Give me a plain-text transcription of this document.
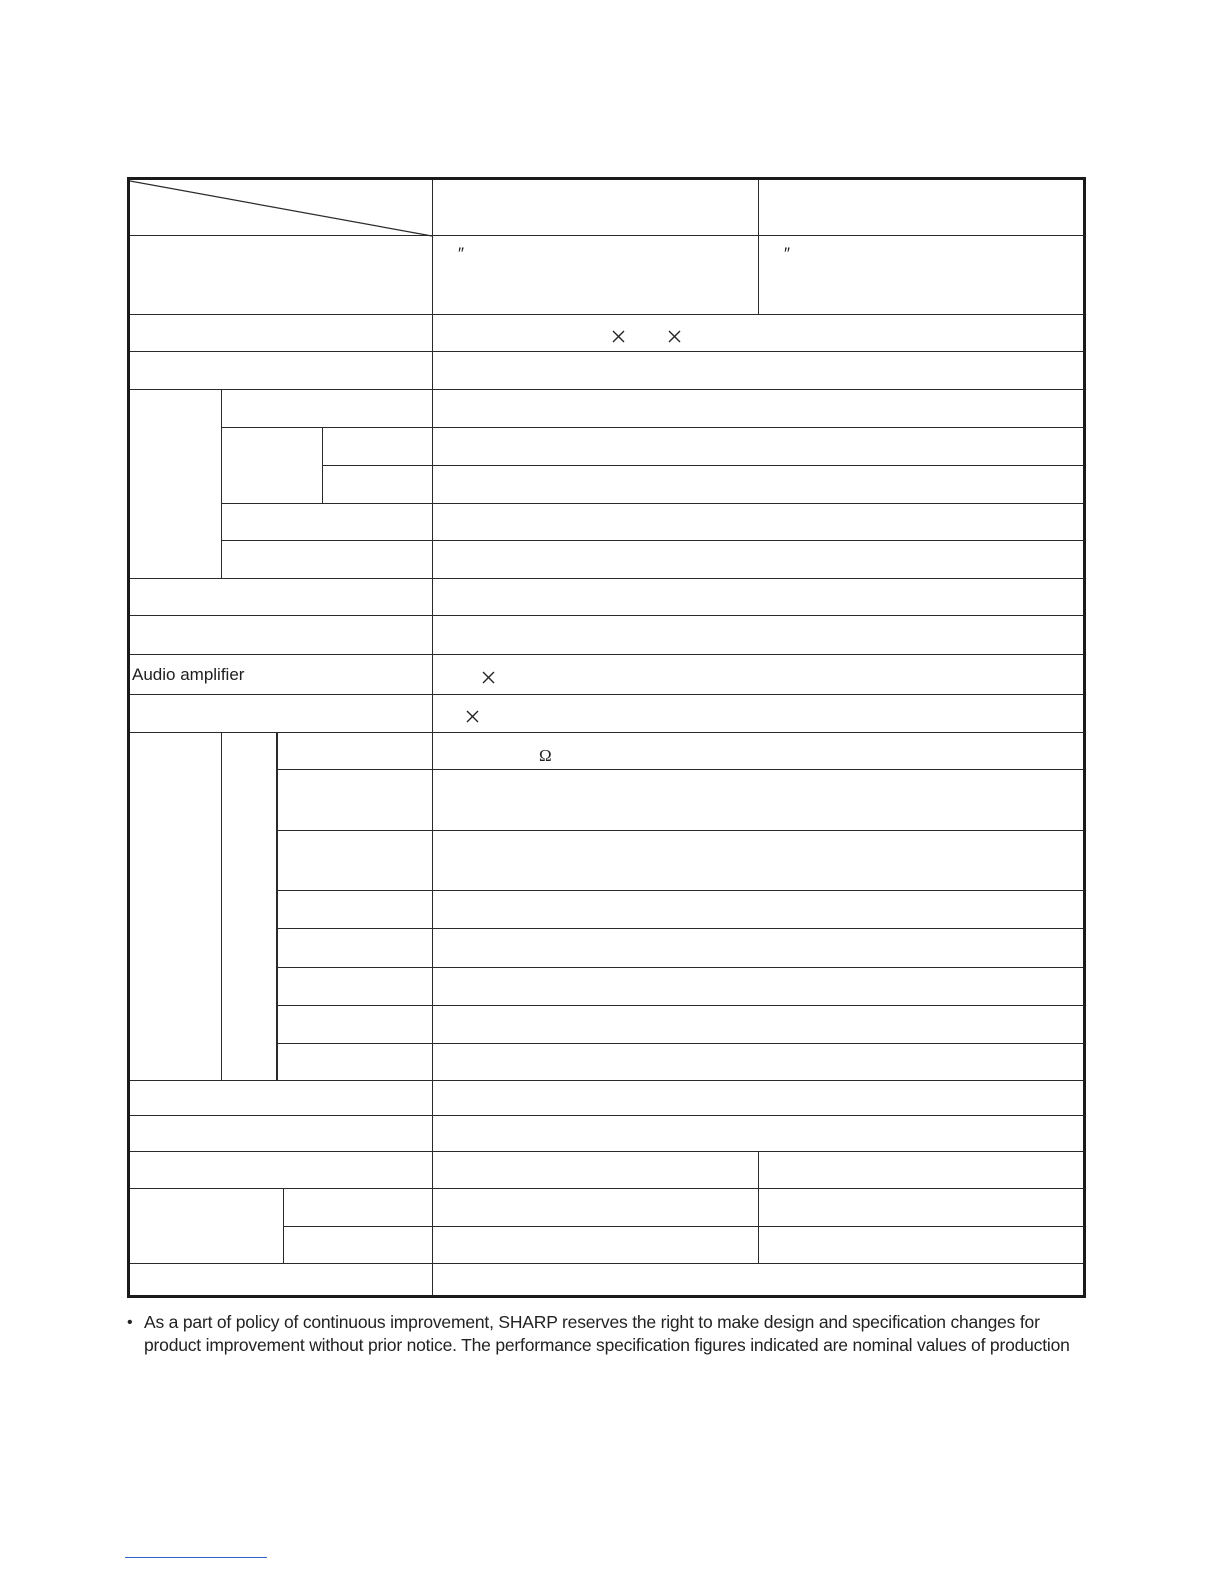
″	″
Audio amplifier
Ω
• As a part of policy of continuous improvement, SHARP reserves the right to make design and specification changes for
product improvement without prior notice. The performance specification figures indicated are nominal values of production
